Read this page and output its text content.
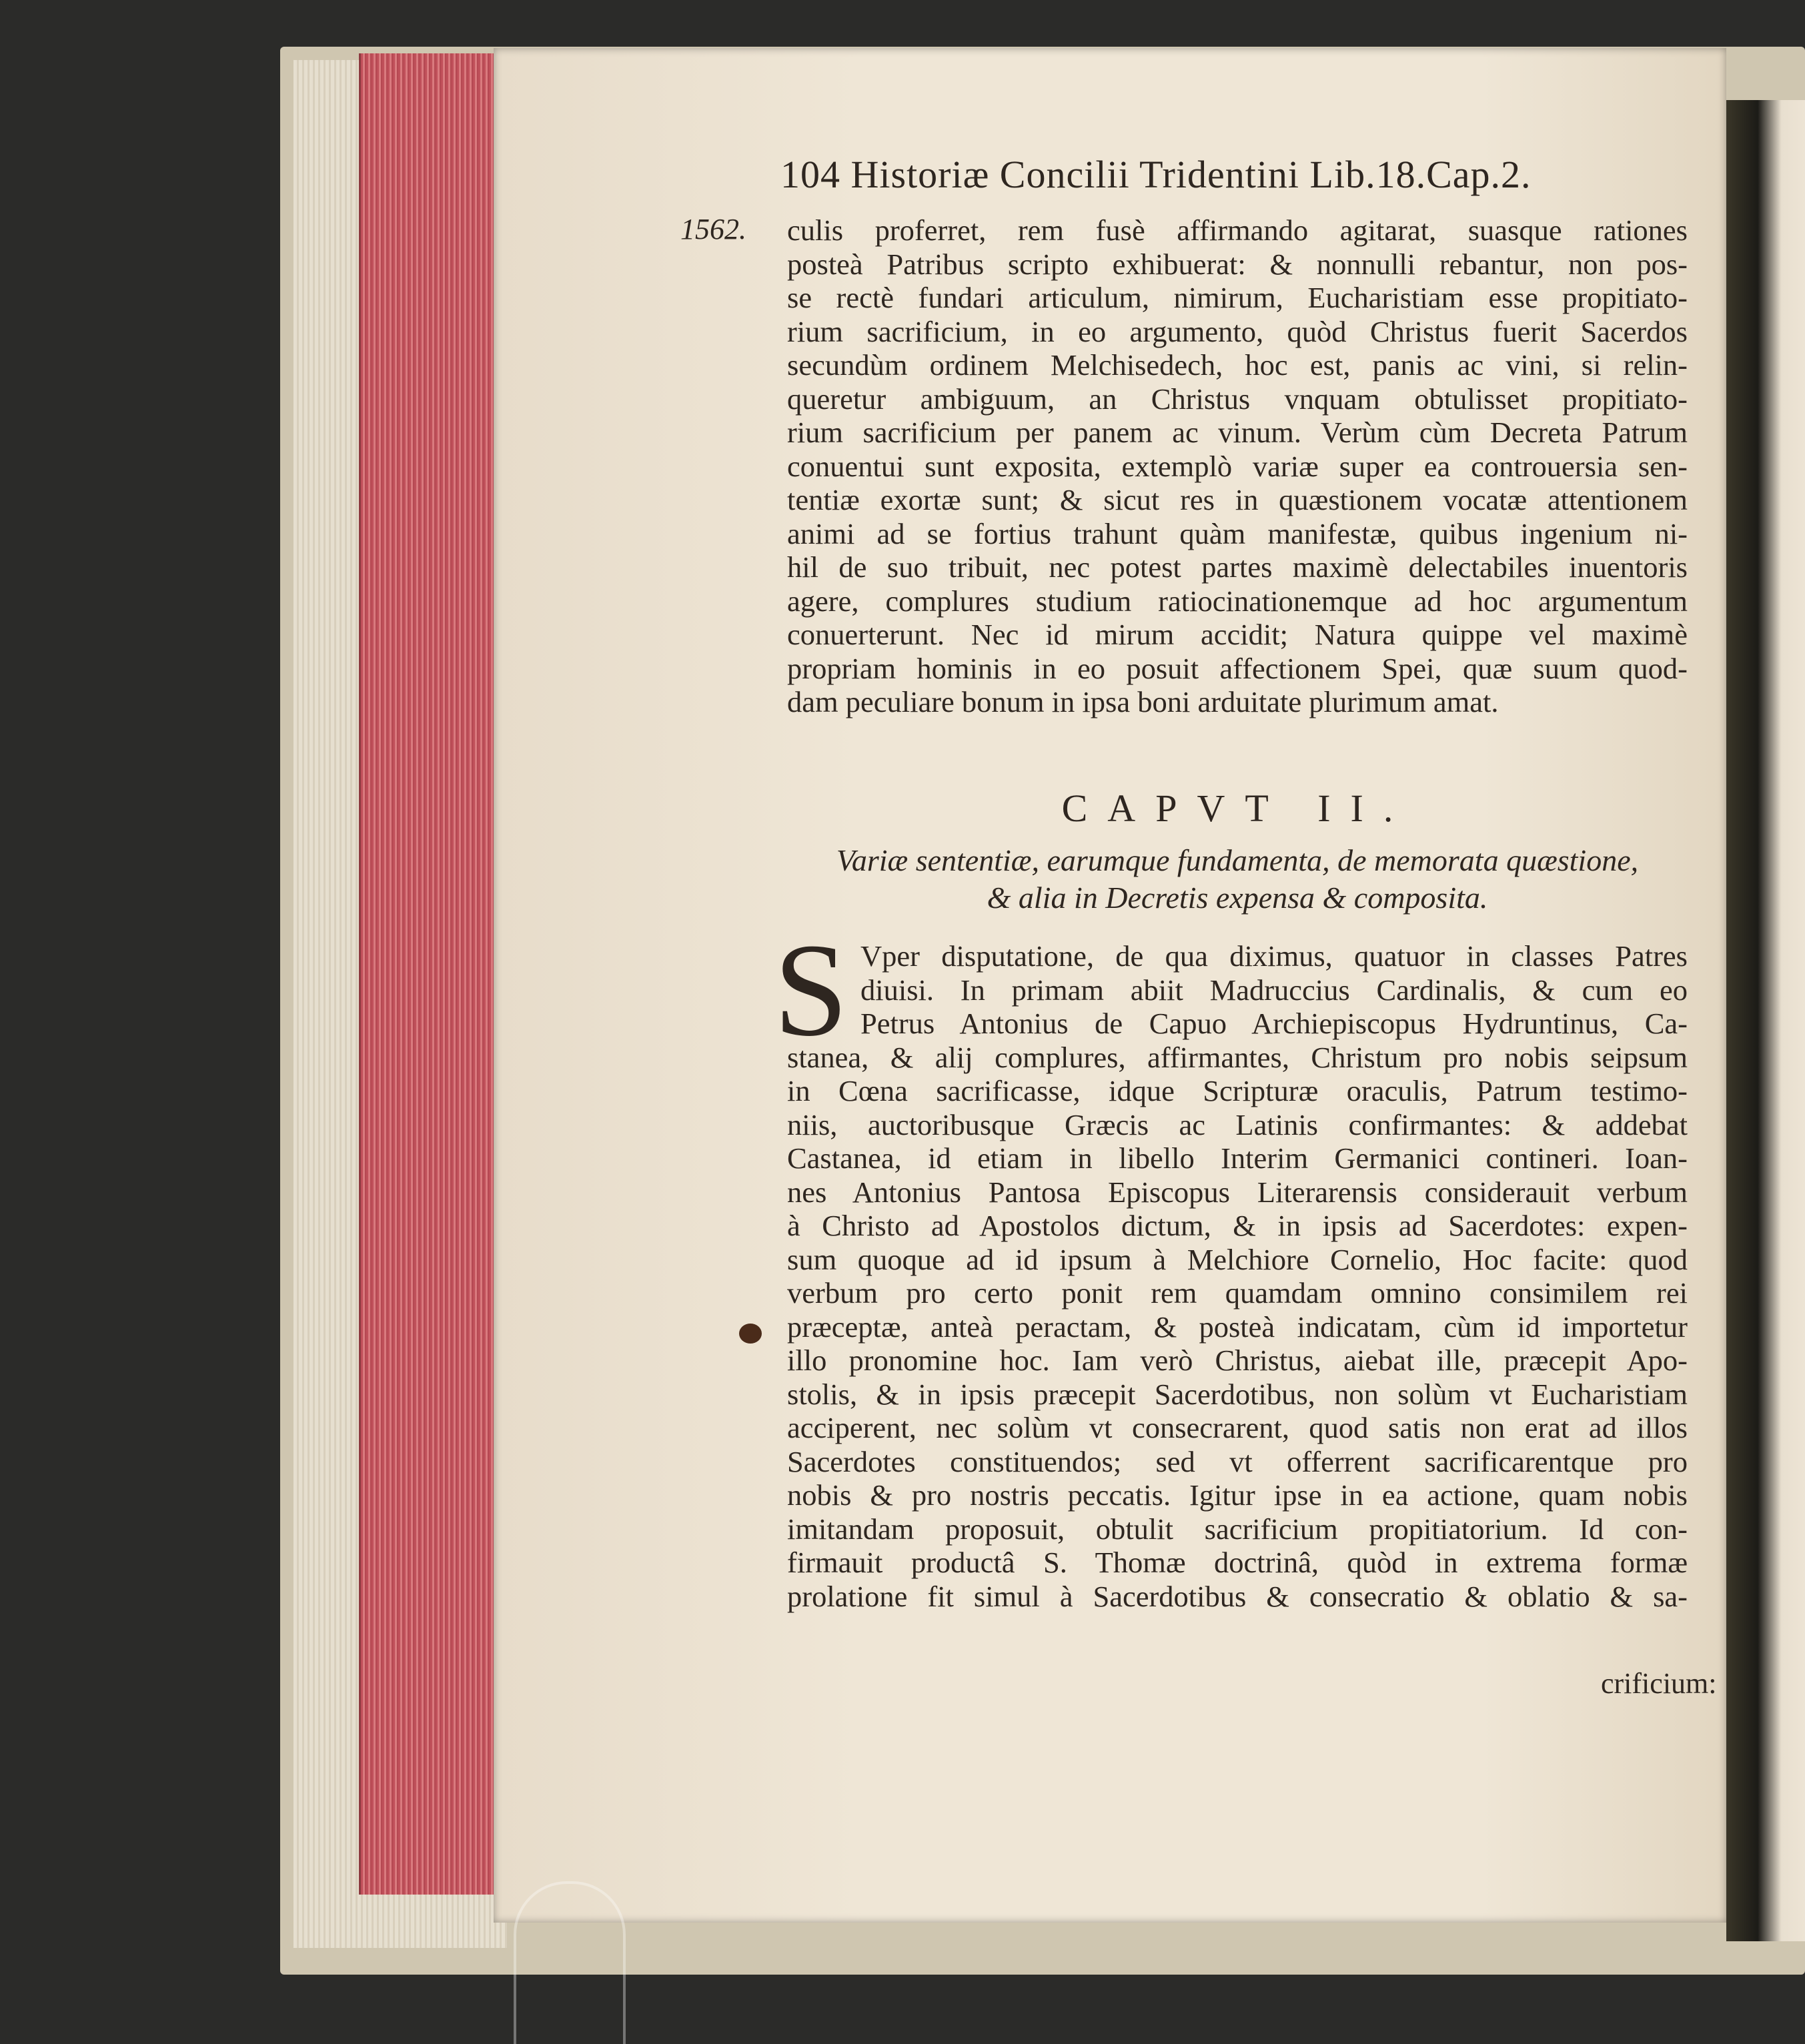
104 Historiæ Concilii Tridentini Lib.18.Cap.2.
1562. culis proferret, rem fusè affirmando agitarat, suasque rationes
posteà Patribus scripto exhibuerat: & nonnulli rebantur, non pos-
se rectè fundari articulum, nimirum, Eucharistiam esse propitiato-
rium sacrificium, in eo argumento, quòd Christus fuerit Sacerdos
secundùm ordinem Melchisedech, hoc est, panis ac vini, si relin-
queretur ambiguum, an Christus vnquam obtulisset propitiato-
rium sacrificium per panem ac vinum. Verùm cùm Decreta Patrum
conuentui sunt exposita, extemplò variæ super ea controuersia sen-
tentiæ exortæ sunt; & sicut res in quæstionem vocatæ attentionem
animi ad se fortius trahunt quàm manifestæ, quibus ingenium ni-
hil de suo tribuit, nec potest partes maximè delectabiles inuentoris
agere, complures studium ratiocinationemque ad hoc argumentum
conuerterunt. Nec id mirum accidit; Natura quippe vel maximè
propriam hominis in eo posuit affectionem Spei, quæ suum quod-
dam peculiare bonum in ipsa boni arduitate plurimum amat.
CAPVT II.
Variæ sententiæ, earumque fundamenta, de memorata quæstione,
& alia in Decretis expensa & composita.
S Vper disputatione, de qua diximus, quatuor in classes Patres
diuisi. In primam abiit Madruccius Cardinalis, & cum eo
Petrus Antonius de Capuo Archiepiscopus Hydruntinus, Ca-
stanea, & alij complures, affirmantes, Christum pro nobis seipsum
in Cœna sacrificasse, idque Scripturæ oraculis, Patrum testimo-
niis, auctoribusque Græcis ac Latinis confirmantes: & addebat
Castanea, id etiam in libello Interim Germanici contineri. Ioan-
nes Antonius Pantosa Episcopus Literarensis considerauit verbum
à Christo ad Apostolos dictum, & in ipsis ad Sacerdotes: expen-
sum quoque ad id ipsum à Melchiore Cornelio, Hoc facite: quod
verbum pro certo ponit rem quamdam omnino consimilem rei
præceptæ, anteà peractam, & posteà indicatam, cùm id importetur
illo pronomine hoc. Iam verò Christus, aiebat ille, præcepit Apo-
stolis, & in ipsis præcepit Sacerdotibus, non solùm vt Eucharistiam
acciperent, nec solùm vt consecrarent, quod satis non erat ad illos
Sacerdotes constituendos; sed vt offerrent sacrificarentque pro
nobis & pro nostris peccatis. Igitur ipse in ea actione, quam nobis
imitandam proposuit, obtulit sacrificium propitiatorium. Id con-
firmauit productâ S. Thomæ doctrinâ, quòd in extrema formæ
prolatione fit simul à Sacerdotibus & consecratio & oblatio & sa-
crificium:
